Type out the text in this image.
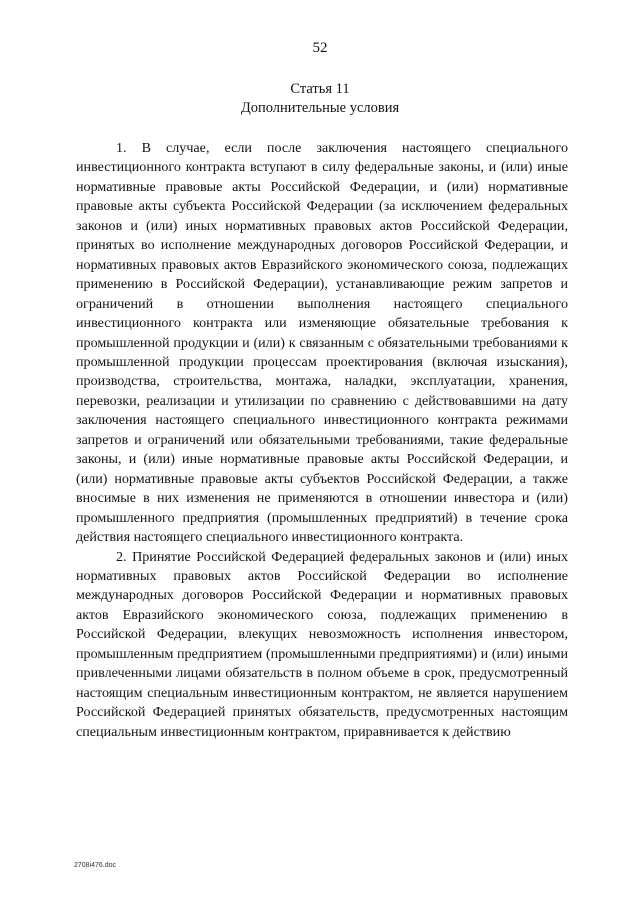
52
Статья 11
Дополнительные условия

1. В случае, если после заключения настоящего специального инвестиционного контракта вступают в силу федеральные законы, и (или) иные нормативные правовые акты Российской Федерации, и (или) нормативные правовые акты субъекта Российской Федерации (за исключением федеральных законов и (или) иных нормативных правовых актов Российской Федерации, принятых во исполнение международных договоров Российской Федерации, и нормативных правовых актов Евразийского экономического союза, подлежащих применению в Российской Федерации), устанавливающие режим запретов и ограничений в отношении выполнения настоящего специального инвестиционного контракта или изменяющие обязательные требования к промышленной продукции и (или) к связанным с обязательными требованиями к промышленной продукции процессам проектирования (включая изыскания), производства, строительства, монтажа, наладки, эксплуатации, хранения, перевозки, реализации и утилизации по сравнению с действовавшими на дату заключения настоящего специального инвестиционного контракта режимами запретов и ограничений или обязательными требованиями, такие федеральные законы, и (или) иные нормативные правовые акты Российской Федерации, и (или) нормативные правовые акты субъектов Российской Федерации, а также вносимые в них изменения не применяются в отношении инвестора и (или) промышленного предприятия (промышленных предприятий) в течение срока действия настоящего специального инвестиционного контракта.

2. Принятие Российской Федерацией федеральных законов и (или) иных нормативных правовых актов Российской Федерации во исполнение международных договоров Российской Федерации и нормативных правовых актов Евразийского экономического союза, подлежащих применению в Российской Федерации, влекущих невозможность исполнения инвестором, промышленным предприятием (промышленными предприятиями) и (или) иными привлеченными лицами обязательств в полном объеме в срок, предусмотренный настоящим специальным инвестиционным контрактом, не является нарушением Российской Федерацией принятых обязательств, предусмотренных настоящим специальным инвестиционным контрактом, приравнивается к действию

2708i476.doc
